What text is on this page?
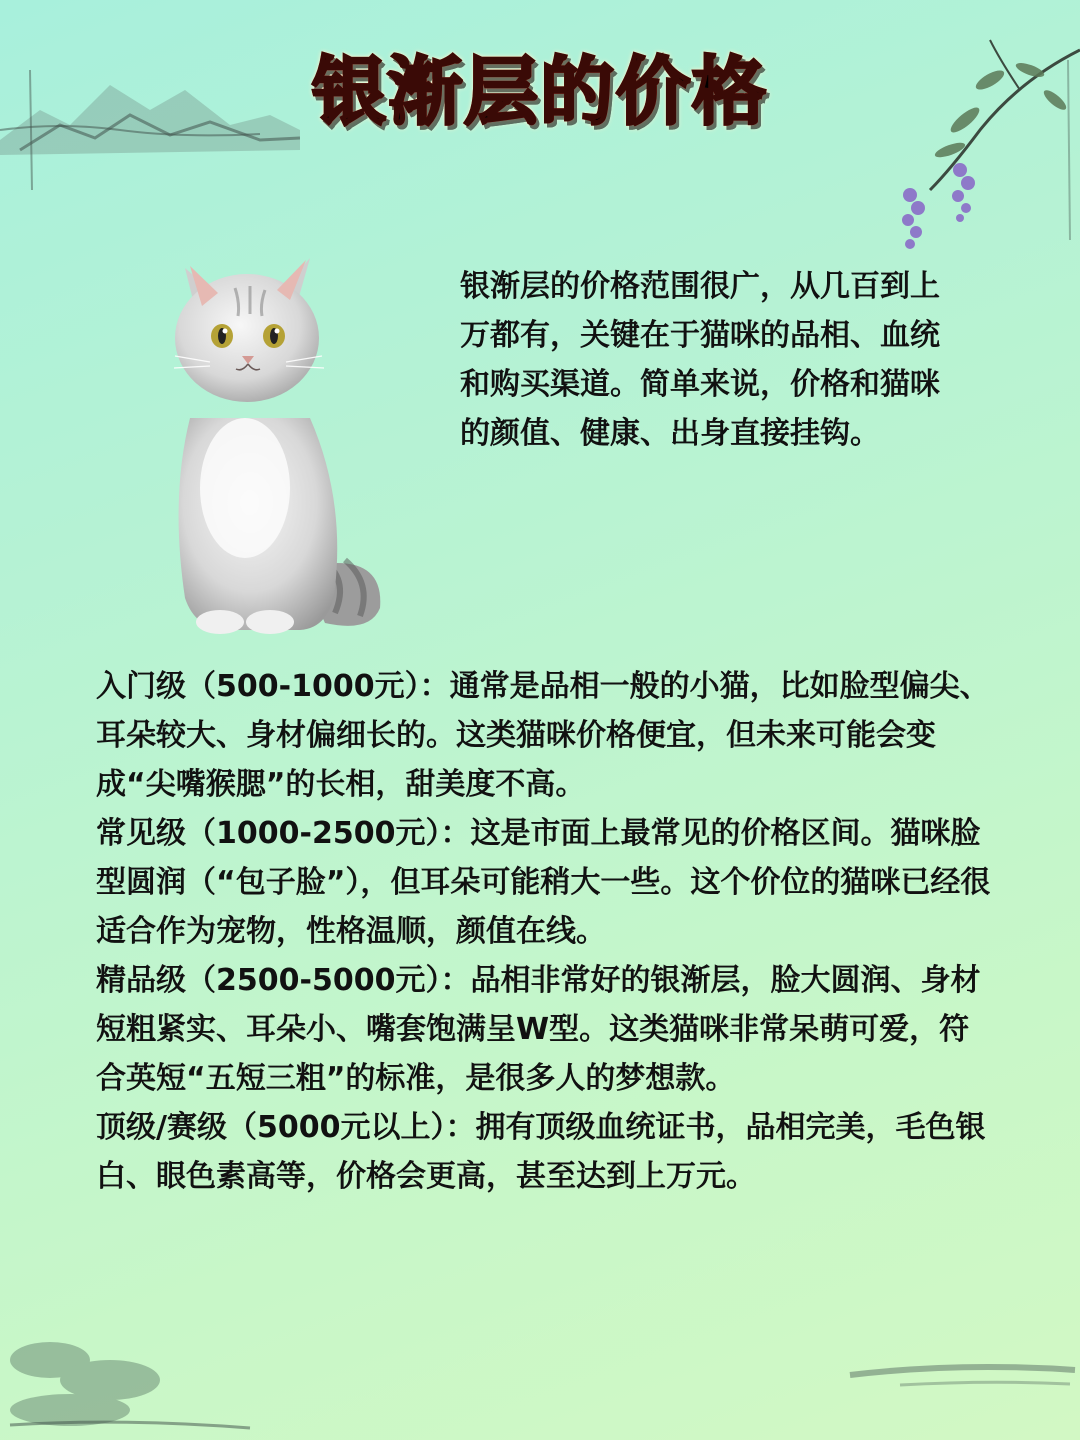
银渐层的价格
银渐层的价格范围很广，从几百到上万都有，关键在于猫咪的品相、血统和购买渠道。简单来说，价格和猫咪的颜值、健康、出身直接挂钩。

入门级（500-1000元）：通常是品相一般的小猫，比如脸型偏尖、耳朵较大、身材偏细长的。这类猫咪价格便宜，但未来可能会变成“尖嘴猴腮”的长相，甜美度不高。

常见级（1000-2500元）：这是市面上最常见的价格区间。猫咪脸型圆润（“包子脸”），但耳朵可能稍大一些。这个价位的猫咪已经很适合作为宠物，性格温顺，颜值在线。

精品级（2500-5000元）：品相非常好的银渐层，脸大圆润、身材短粗紧实、耳朵小、嘴套饱满呈W型。这类猫咪非常呆萌可爱，符合英短“五短三粗”的标准，是很多人的梦想款。

顶级/赛级（5000元以上）：拥有顶级血统证书，品相完美，毛色银白、眼色素高等，价格会更高，甚至达到上万元。
